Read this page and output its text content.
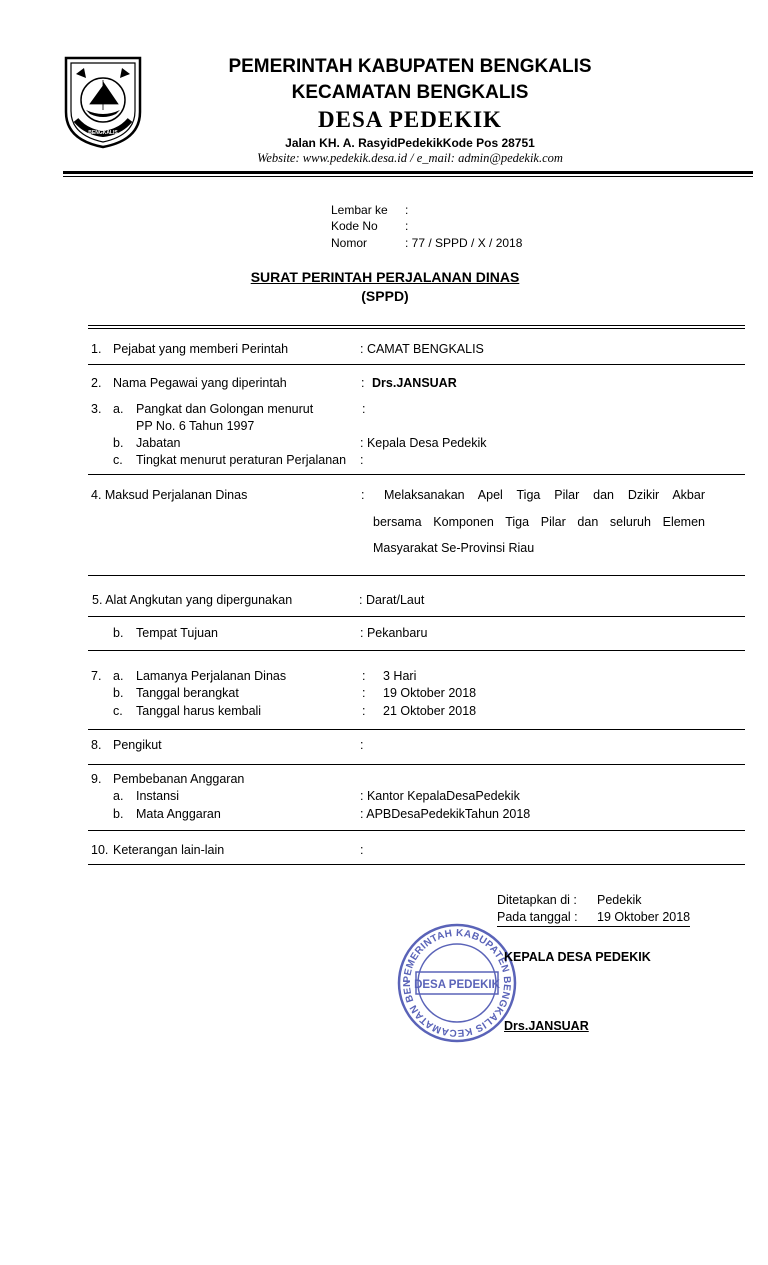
BENGKALIS
PEMERINTAH KABUPATEN BENGKALIS
KECAMATAN BENGKALIS
DESA PEDEKIK
Jalan KH. A. RasyidPedekikKode Pos 28751
Website: www.pedekik.desa.id / e_mail: admin@pedekik.com
Lembar ke :
Kode No :
Nomor	: 77 / SPPD / X / 2018
SURAT PERINTAH PERJALANAN DINAS
(SPPD)
1. Pejabat yang memberi Perintah	: CAMAT BENGKALIS
2. Nama Pegawai yang diperintah	: Drs.JANSUAR
3. a. Pangkat dan Golongan menurut
PP No. 6 Tahun 1997
:
b. Jabatan	: Kepala Desa Pedekik
c. Tingkat menurut peraturan Perjalanan :
4. Maksud Perjalanan Dinas	: Melaksanakan Apel Tiga Pilar dan Dzikir Akbar
bersama Komponen Tiga Pilar dan seluruh Elemen
Masyarakat Se-Provinsi Riau
5. Alat Angkutan yang dipergunakan	: Darat/Laut
b. Tempat Tujuan	: Pekanbaru
7. a. Lamanya Perjalanan Dinas	: 3 Hari
b. Tanggal berangkat	: 19 Oktober 2018
c. Tanggal harus kembali	: 21 Oktober 2018
8. Pengikut	:
9. Pembebanan Anggaran
a. Instansi	: Kantor KepalaDesaPedekik
b. Mata Anggaran	: APBDesaPedekikTahun 2018
10. Keterangan lain-lain	:
PEMERINTAH KABUPATEN BENGKALIS KECAMATAN BEN DESA PEDEKIK
Ditetapkan di : Pedekik
Pada tanggal : 19 Oktober 2018
KEPALA DESA PEDEKIK
Drs.JANSUAR
